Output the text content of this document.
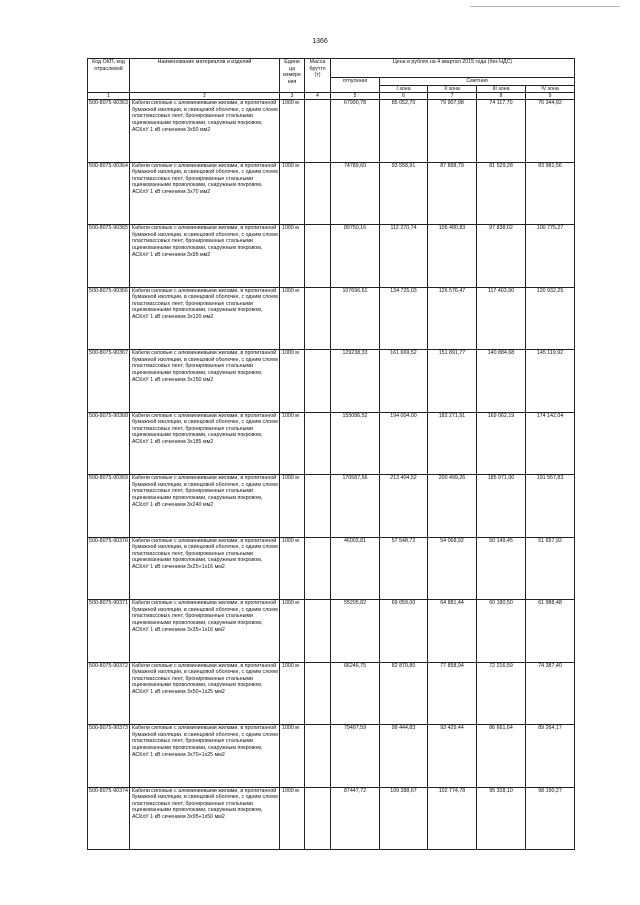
1366
Код ОКП, код отраслевой	Наименование материалов и изделий	Едини ца измере ния	Масса брутто (т)	Цена в рублях на 4 квартал 2015 года (без НДС)				
				отпускная	Сметная			
					I зона	II зона	III зона	IV зона
1	2	3	4	5	6	7	8	9
500-8075-90363	Кабели силовые с алюминиевыми жилами, в пропитанной бумажной изоляции, в свинцовой оболочке, с одним слоем пластмассовых лент, бронированные стальными оцинкованными проволоками, снаружным покровом, АСКлУ 1 кВ сечением 3х50 мм2	1000 м		67990,78	85 052,70	79 907,98	74 117,70	76 344,92
500-8075-90364	Кабели силовые с алюминиевыми жилами, в пропитанной бумажной изоляции, в свинцовой оболочке, с одним слоем пластмассовых лент, бронированные стальными оцинкованными проволоками, снаружным покровом, АСКлУ 1 кВ сечением 3х70 мм2	1000 м		74789,60	93 558,91	87 898,79	81 529,28	83 981,56
500-8075-90365	Кабели силовые с алюминиевыми жилами, в пропитанной бумажной изоляции, в свинцовой оболочке, с одним слоем пластмассовых лент, бронированные стальными оцинкованными проволоками, снаружным покровом, АСКлУ 1 кВ сечением 3х95 мм2	1000 м		89750,16	112 270,74	105 480,83	97 838,02	100 775,27
500-8075-90366	Кабели силовые с алюминиевыми жилами, в пропитанной бумажной изоляции, в свинцовой оболочке, с одним слоем пластмассовых лент, бронированные стальными оцинкованными проволоками, снаружным покровом, АСКлУ 1 кВ сечением 3х120 мм2	1000 м		107696,61	134 725,03	126 576,47	117 403,90	120 932,25
500-8075-90367	Кабели силовые с алюминиевыми жилами, в пропитанной бумажной изоляции, в свинцовой оболочке, с одним слоем пластмассовых лент, бронированные стальными оцинкованными проволоками, снаружным покровом, АСКлУ 1 кВ сечением 3х150 мм2	1000 м		129238,33	161 669,52	151 891,77	140 884,68	145 119,92
500-8075-90368	Кабели силовые с алюминиевыми жилами, в пропитанной бумажной изоляции, в свинцовой оболочке, с одним слоем пластмассовых лент, бронированные стальными оцинкованными проволоками, снаружным покровом, АСКлУ 1 кВ сечением 3х185 мм2	1000 м		155086,52	194 004,00	182 271,91	169 062,19	174 142,04
500-8075-90369	Кабели силовые с алюминиевыми жилами, в пропитанной бумажной изоляции, в свинцовой оболочке, с одним слоем пластмассовых лент, бронированные стальными оцинкованными проволоками, снаружным покровом, АСКлУ 1 кВ сечением 3х240 мм2	1000 м		170587,56	213 404,52	200 499,26	185 971,00	191 557,83
500-8075-90370	Кабели силовые с алюминиевыми жилами, в пропитанной бумажной изоляции, в свинцовой оболочке, с одним слоем пластмассовых лент, бронированные стальными оцинкованными проволоками, снаружным покровом, АСКлУ 1 кВ сечением 3х25+1х16 мм2	1000 м		46003,81	57 548,72	54 068,92	50 149,45	51 657,92
500-8075-90371	Кабели силовые с алюминиевыми жилами, в пропитанной бумажной изоляции, в свинцовой оболочке, с одним слоем пластмассовых лент, бронированные стальными оцинкованными проволоками, снаружным покровом, АСКлУ 1 кВ сечением 3х35+1х16 мм2	1000 м		55205,82	69 059,00	64 881,44	60 180,50	61 988,48
500-8075-90372	Кабели силовые с алюминиевыми жилами, в пропитанной бумажной изоляции, в свинцовой оболочке, с одним слоем пластмассовых лент, бронированные стальными оцинкованными проволоками, снаружным покровом, АСКлУ 1 кВ сечением 3х50+1х25 мм2	1000 м		66246,75	82 870,80	77 858,94	72 216,59	74 387,40
500-8075-90373	Кабели силовые с алюминиевыми жилами, в пропитанной бумажной изоляции, в свинцовой оболочке, с одним слоем пластмассовых лент, бронированные стальными оцинкованными проволоками, снаружным покровом, АСКлУ 1 кВ сечением 3х70+1х25 мм2	1000 м		79497,59	99 444,83	93 429,44	86 661,64	89 264,17
500-8075-90374	Кабели силовые с алюминиевыми жилами, в пропитанной бумажной изоляции, в свинцовой оболочке, с одним слоем пластмассовых лент, бронированные стальными оцинкованными проволоками, снаружным покровом, АСКлУ 1 кВ сечением 3х95+1х50 мм2	1000 м		87447,72	109 388,67	102 774,78	95 328,10	98 190,27
